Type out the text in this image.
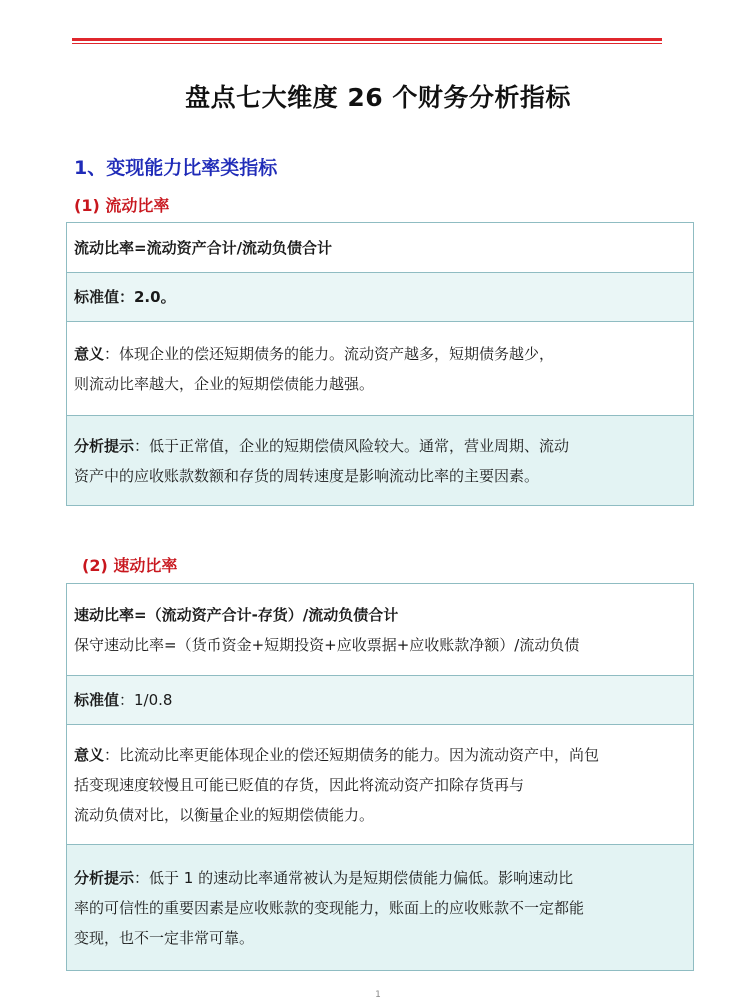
盘点七大维度 26 个财务分析指标
1、变现能力比率类指标
(1) 流动比率
流动比率=流动资产合计/流动负债合计
标准值：2.0。
意义：体现企业的偿还短期债务的能力。流动资产越多，短期债务越少，
则流动比率越大，企业的短期偿债能力越强。
分析提示：低于正常值，企业的短期偿债风险较大。通常，营业周期、流动
资产中的应收账款数额和存货的周转速度是影响流动比率的主要因素。
(2) 速动比率
速动比率=（流动资产合计-存货）/流动负债合计
保守速动比率=（货币资金+短期投资+应收票据+应收账款净额）/流动负债
标准值：1/0.8
意义：比流动比率更能体现企业的偿还短期债务的能力。因为流动资产中，尚包
括变现速度较慢且可能已贬值的存货，因此将流动资产扣除存货再与
流动负债对比，以衡量企业的短期偿债能力。
分析提示：低于 1 的速动比率通常被认为是短期偿债能力偏低。影响速动比
率的可信性的重要因素是应收账款的变现能力，账面上的应收账款不一定都能
变现，也不一定非常可靠。
1
